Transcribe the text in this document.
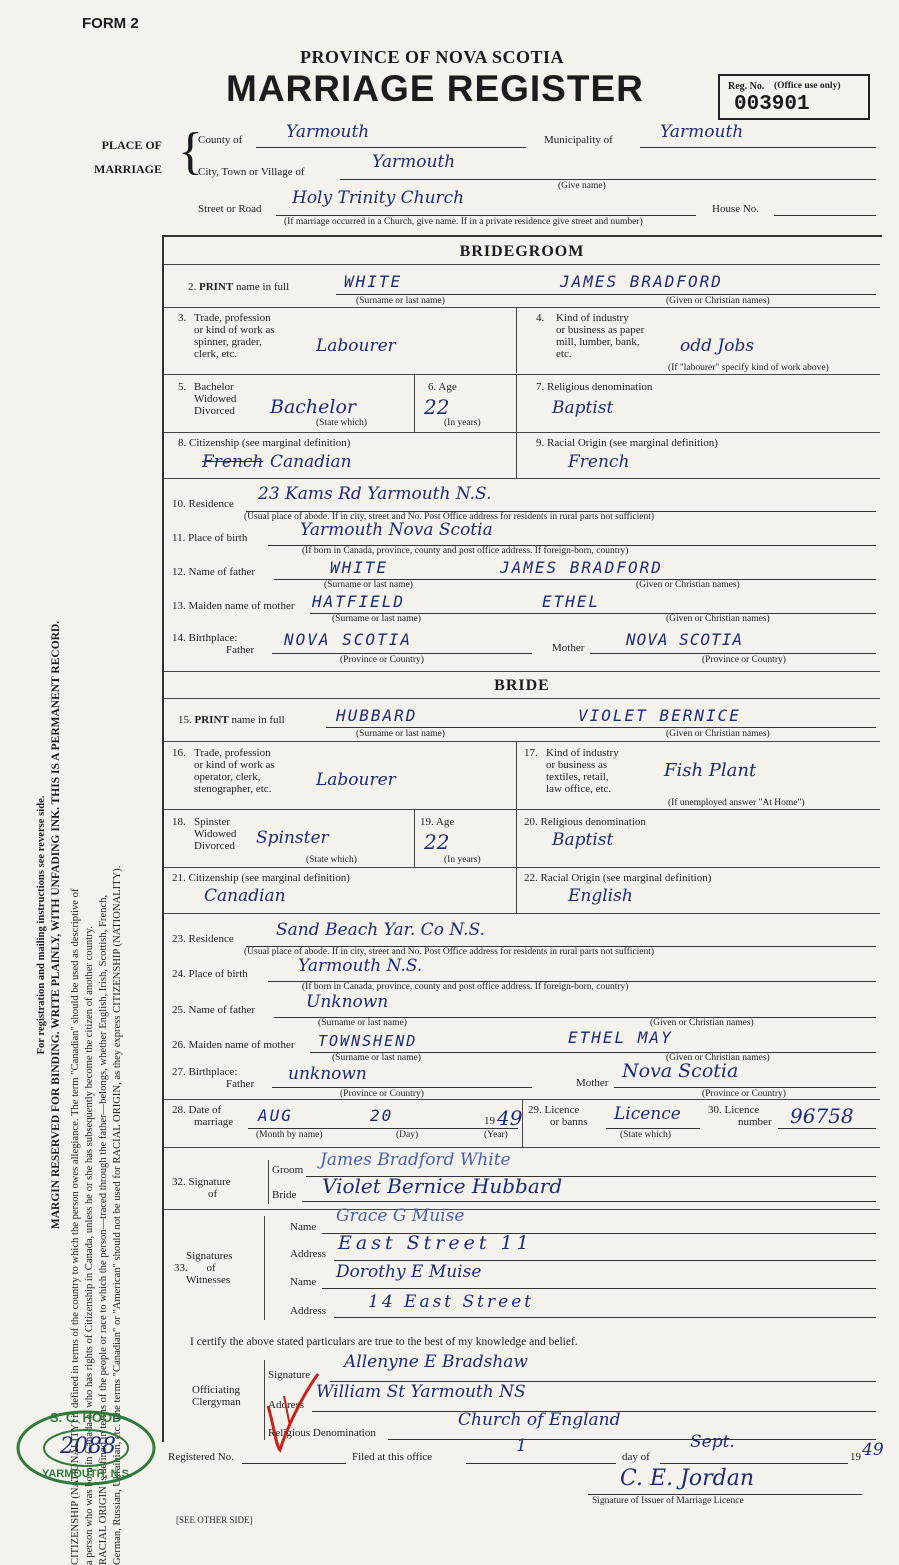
FORM 2
PROVINCE OF NOVA SCOTIA
MARRIAGE REGISTER	Reg. No. (Office use only)
003901
PLACE OF
MARRIAGE {
County of	Yarmouth	Municipality of	Yarmouth
City, Town or Village of	Yarmouth
(Give name)
Street or Road
Holy Trinity Church
House No.
(If marriage occurred in a Church, give name. If in a private residence give street and number)
For registration and mailing instructions see reverse side. MARGIN RESERVED FOR BINDING. WRITE PLAINLY, WITH UNFADING INK. THIS IS A PERMANENT RECORD. CITIZENSHIP (NATIONALITY) is defined in terms of the country to which the person owes allegiance. The term "Canadian" should be used as descriptive of a person who was born in Canada or who has rights of Citizenship in Canada, unless he or she has subsequently become the citizen of another country. RACIAL ORIGIN is defined in terms of the people or race to which the person—traced through the father—belongs, whether English, Irish, Scottish, French, German, Russian, Ukrainian, etc. The terms "Canadian" or "American" should not be used for RACIAL ORIGIN, as they express CITIZENSHIP (NATIONALITY).
BRIDEGROOM
2. PRINT name in full	WHITE	JAMES BRADFORD
(Surname or last name)	(Given or Christian names)
3. Trade, profession
or kind of work as
spinner, grader,
clerk, etc.	Labourer
4. Kind of industry
or business as paper
mill, lumber, bank,
etc.	odd Jobs
(If "labourer" specify kind of work above)
5. Bachelor
Widowed
Divorced Bachelor
(State which)
6. Age
22
(In years)
7. Religious denomination
Baptist
8. Citizenship (see marginal definition)
French Canadian
9. Racial Origin (see marginal definition)
French
10. Residence 23 Kams Rd Yarmouth N.S.
(Usual place of abode. If in city, street and No. Post Office address for residents in rural parts not sufficient)
11. Place of birth	Yarmouth Nova Scotia
(If born in Canada, province, county and post office address. If foreign-born, country)
12. Name of father	WHITE	JAMES BRADFORD
(Surname or last name)	(Given or Christian names)
13. Maiden name of mother HATFIELD	ETHEL
(Surname or last name)	(Given or Christian names)
14. Birthplace:
Father
NOVA SCOTIA
(Province or Country)
Mother	NOVA SCOTIA
(Province or Country)
BRIDE
15. PRINT name in full	HUBBARD	VIOLET BERNICE
(Surname or last name)	(Given or Christian names)
16. Trade, profession
or kind of work as
operator, clerk,
stenographer, etc.	Labourer
17. Kind of industry
or business as
textiles, retail,
law office, etc.
Fish Plant
(If unemployed answer "At Home")
18. Spinster
Widowed
Divorced Spinster
(State which)
19. Age
22
(In years)
20. Religious denomination
Baptist
21. Citizenship (see marginal definition)
Canadian
22. Racial Origin (see marginal definition)
English
23. Residence Sand Beach Yar. Co N.S.
(Usual place of abode. If in city, street and No. Post Office address for residents in rural parts not sufficient)
24. Place of birth	Yarmouth N.S.
(If born in Canada, province, county and post office address. If foreign-born, country)
25. Name of father	Unknown
(Surname or last name)	(Given or Christian names)
26. Maiden name of mother TOWNSHEND	ETHEL MAY
(Surname or last name)	(Given or Christian names)
27. Birthplace:
Father unknown
(Province or Country)
Mother
Nova Scotia
(Province or Country)
28. Date of
marriage AUG	20	19 49
(Month by name)	(Day)	(Year)
29. Licence
or banns Licence
(State which)
30. Licence
number 96758
32. Signature
of
Groom James Bradford White
Bride Violet Bernice Hubbard
Signatures
33. of
Witnesses
Name
Grace G Muise
Address East Street 11
Name Dorothy E Muise
Address 14 East Street
I certify the above stated particulars are true to the best of my knowledge and belief.
Officiating
Clergyman
Signature
Allenyne E Bradshaw
Address
William St Yarmouth NS
Religious Denomination
Church of England
S. C. HOOD
2088
YARMOUTH, N.S.
Registered No.	Filed at this office
1
day of
Sept.
19 49
C. E. Jordan
Signature of Issuer of Marriage Licence
[SEE OTHER SIDE]
